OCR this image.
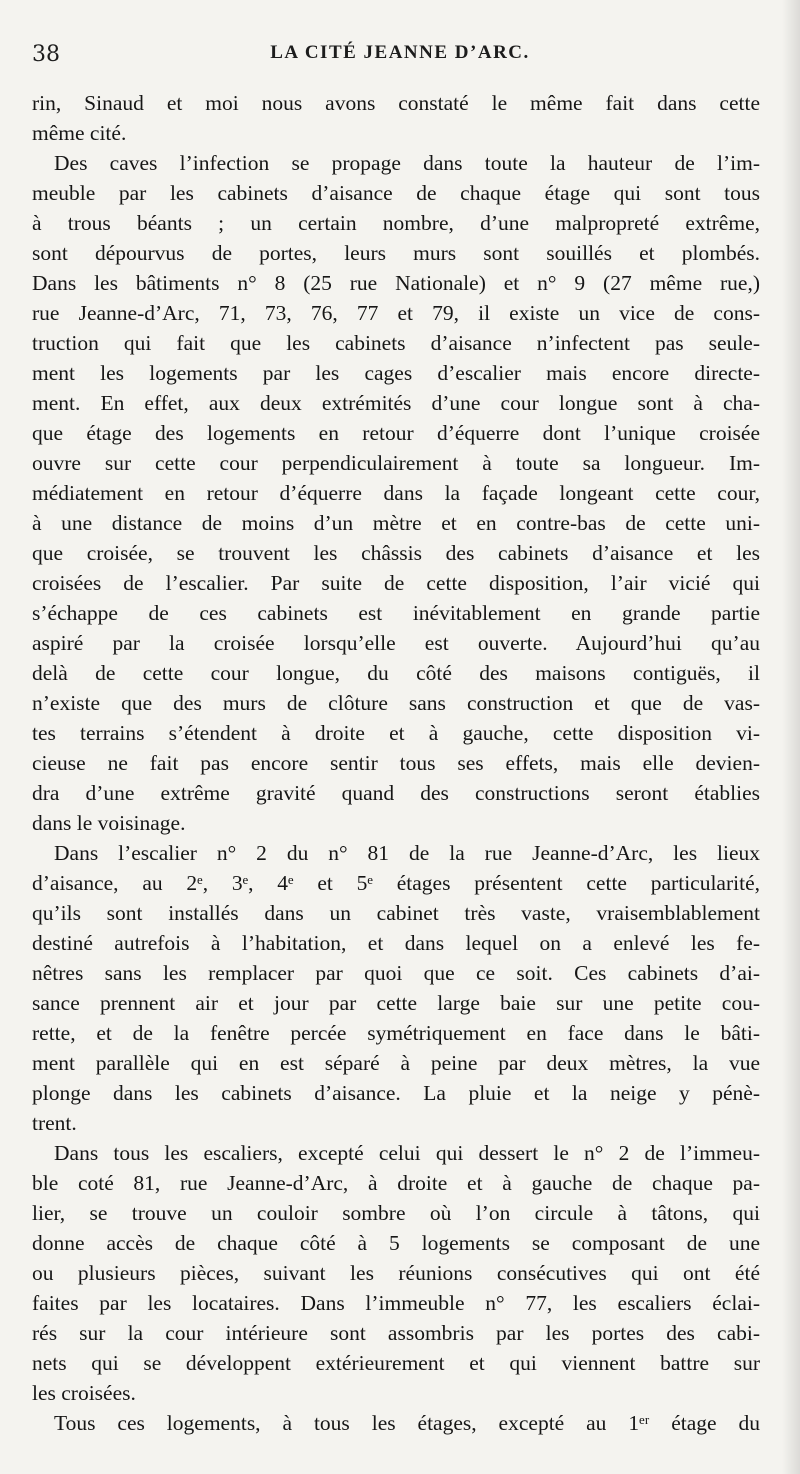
38	LA CITÉ JEANNE D’ARC.
rin, Sinaud et moi nous avons constaté le même fait dans cette
même cité.
Des caves l’infection se propage dans toute la hauteur de l’im-
meuble par les cabinets d’aisance de chaque étage qui sont tous
à trous béants ; un certain nombre, d’une malpropreté extrême,
sont dépourvus de portes, leurs murs sont souillés et plombés.
Dans les bâtiments n° 8 (25 rue Nationale) et n° 9 (27 même rue,)
rue Jeanne-d’Arc, 71, 73, 76, 77 et 79, il existe un vice de cons-
truction qui fait que les cabinets d’aisance n’infectent pas seule-
ment les logements par les cages d’escalier mais encore directe-
ment. En effet, aux deux extrémités d’une cour longue sont à cha-
que étage des logements en retour d’équerre dont l’unique croisée
ouvre sur cette cour perpendiculairement à toute sa longueur. Im-
médiatement en retour d’équerre dans la façade longeant cette cour,
à une distance de moins d’un mètre et en contre-bas de cette uni-
que croisée, se trouvent les châssis des cabinets d’aisance et les
croisées de l’escalier. Par suite de cette disposition, l’air vicié qui
s’échappe de ces cabinets est inévitablement en grande partie
aspiré par la croisée lorsqu’elle est ouverte. Aujourd’hui qu’au
delà de cette cour longue, du côté des maisons contiguës, il
n’existe que des murs de clôture sans construction et que de vas-
tes terrains s’étendent à droite et à gauche, cette disposition vi-
cieuse ne fait pas encore sentir tous ses effets, mais elle devien-
dra d’une extrême gravité quand des constructions seront établies
dans le voisinage.
Dans l’escalier n° 2 du n° 81 de la rue Jeanne-d’Arc, les lieux
d’aisance, au 2ᵉ, 3ᵉ, 4ᵉ et 5ᵉ étages présentent cette particularité,
qu’ils sont installés dans un cabinet très vaste, vraisemblablement
destiné autrefois à l’habitation, et dans lequel on a enlevé les fe-
nêtres sans les remplacer par quoi que ce soit. Ces cabinets d’ai-
sance prennent air et jour par cette large baie sur une petite cou-
rette, et de la fenêtre percée symétriquement en face dans le bâti-
ment parallèle qui en est séparé à peine par deux mètres, la vue
plonge dans les cabinets d’aisance. La pluie et la neige y pénè-
trent.
Dans tous les escaliers, excepté celui qui dessert le n° 2 de l’immeu-
ble coté 81, rue Jeanne-d’Arc, à droite et à gauche de chaque pa-
lier, se trouve un couloir sombre où l’on circule à tâtons, qui
donne accès de chaque côté à 5 logements se composant de une
ou plusieurs pièces, suivant les réunions consécutives qui ont été
faites par les locataires. Dans l’immeuble n° 77, les escaliers éclai-
rés sur la cour intérieure sont assombris par les portes des cabi-
nets qui se développent extérieurement et qui viennent battre sur
les croisées.
Tous ces logements, à tous les étages, excepté au 1ᵉʳ étage du
